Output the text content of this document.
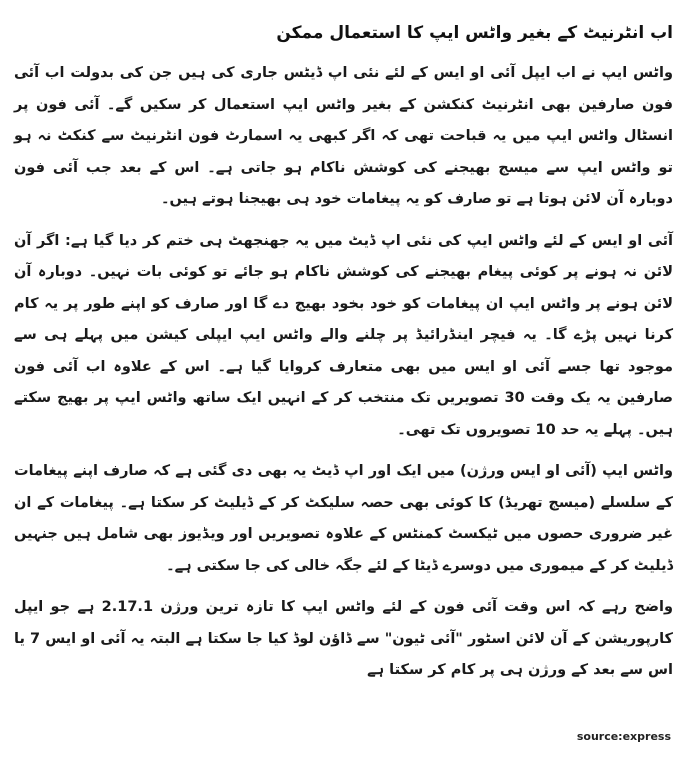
اب انٹرنیٹ کے بغیر واٹس ایپ کا استعمال ممکن
واٹس ایپ نے اب ایپل آئی او ایس کے لئے نئی اپ ڈیٹس جاری کی ہیں جن کی بدولت اب آئی فون صارفین بھی انٹرنیٹ کنکشن کے بغیر واٹس ایپ استعمال کر سکیں گے۔ آئی فون پر انسٹال واٹس ایپ میں یہ قباحت تھی کہ اگر کبھی یہ اسمارٹ فون انٹرنیٹ سے کنکٹ نہ ہو تو واٹس ایپ سے میسج بھیجنے کی کوشش ناکام ہو جاتی ہے۔ اس کے بعد جب آئی فون دوبارہ آن لائن ہوتا ہے تو صارف کو یہ پیغامات خود ہی بھیجنا ہوتے ہیں۔
آئی او ایس کے لئے واٹس ایپ کی نئی اپ ڈیٹ میں یہ جھنجھٹ ہی ختم کر دیا گیا ہے: اگر آن لائن نہ ہونے پر کوئی پیغام بھیجنے کی کوشش ناکام ہو جائے تو کوئی بات نہیں۔ دوبارہ آن لائن ہونے پر واٹس ایپ ان پیغامات کو خود بخود بھیج دے گا اور صارف کو اپنے طور پر یہ کام کرنا نہیں پڑے گا۔ یہ فیچر اینڈرائیڈ پر چلنے والے واٹس ایپ ایپلی کیشن میں پہلے ہی سے موجود تھا جسے آئی او ایس میں بھی متعارف کروایا گیا ہے۔ اس کے علاوہ اب آئی فون صارفین یہ یک وقت 30 تصویریں تک منتخب کر کے انہیں ایک ساتھ واٹس ایپ پر بھیج سکتے ہیں۔ پہلے یہ حد 10 تصویروں تک تھی۔
واٹس ایپ (آئی او ایس ورژن) میں ایک اور اپ ڈیٹ یہ بھی دی گئی ہے کہ صارف اپنے پیغامات کے سلسلے (میسج تھریڈ) کا کوئی بھی حصہ سلیکٹ کر کے ڈیلیٹ کر سکتا ہے۔ پیغامات کے ان غیر ضروری حصوں میں ٹیکسٹ کمنٹس کے علاوہ تصویریں اور ویڈیوز بھی شامل ہیں جنہیں ڈیلیٹ کر کے میموری میں دوسرے ڈیٹا کے لئے جگہ خالی کی جا سکتی ہے۔
واضح رہے کہ اس وقت آئی فون کے لئے واٹس ایپ کا تازہ ترین ورژن 2.17.1 ہے جو ایپل کارپوریشن کے آن لائن اسٹور "آئی ٹیون" سے ڈاؤن لوڈ کیا جا سکتا ہے البتہ یہ آئی او ایس 7 یا اس سے بعد کے ورژن ہی پر کام کر سکتا ہے
source:express
